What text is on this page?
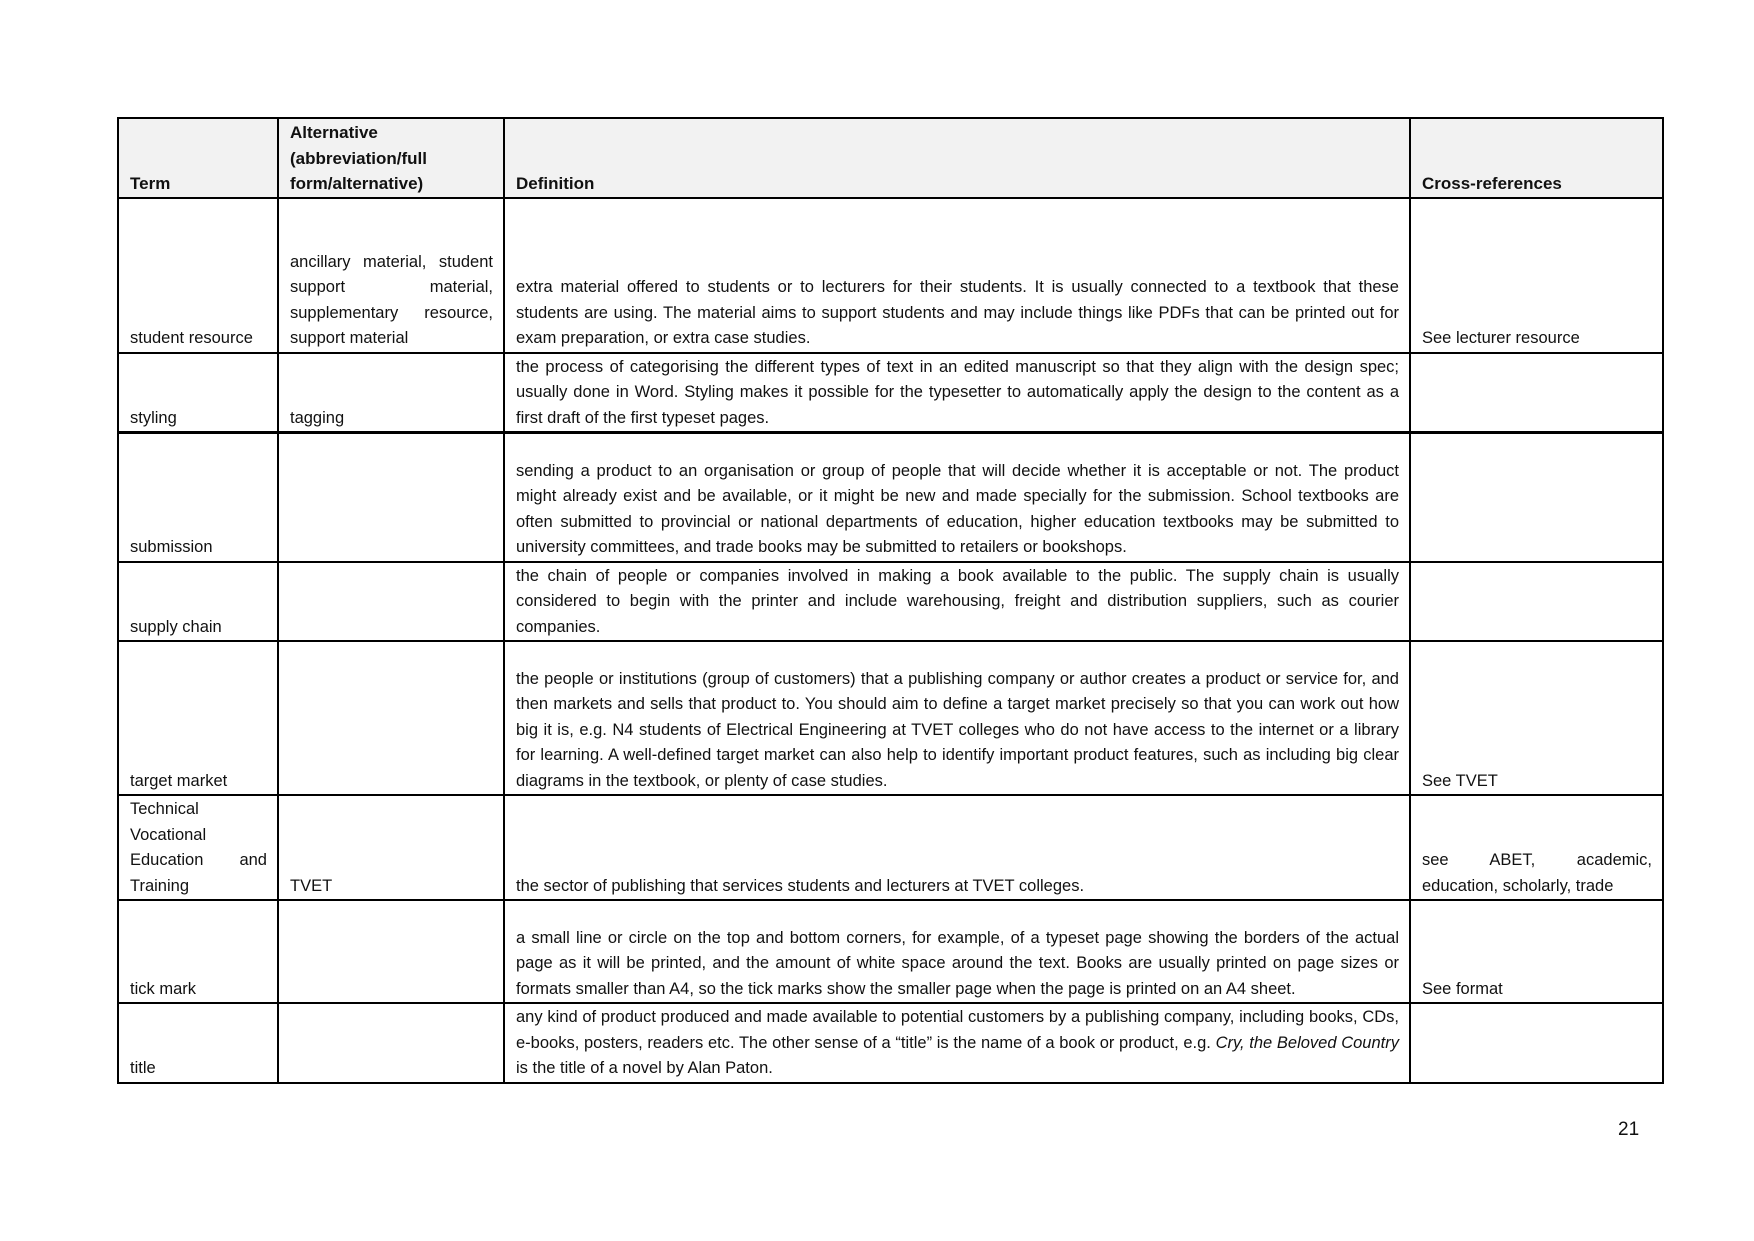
Term	Alternative (abbreviation/full form/alternative)	Definition	Cross-references
student resource	ancillary material, student support material, supplementary resource, support material	extra material offered to students or to lecturers for their students. It is usually connected to a textbook that these students are using. The material aims to support students and may include things like PDFs that can be printed out for exam preparation, or extra case studies.	See lecturer resource
styling	tagging	the process of categorising the different types of text in an edited manuscript so that they align with the design spec; usually done in Word. Styling makes it possible for the typesetter to automatically apply the design to the content as a first draft of the first typeset pages.	
submission		sending a product to an organisation or group of people that will decide whether it is acceptable or not. The product might already exist and be available, or it might be new and made specially for the submission. School textbooks are often submitted to provincial or national departments of education, higher education textbooks may be submitted to university committees, and trade books may be submitted to retailers or bookshops.	
supply chain		the chain of people or companies involved in making a book available to the public. The supply chain is usually considered to begin with the printer and include warehousing, freight and distribution suppliers, such as courier companies.	
target market		the people or institutions (group of customers) that a publishing company or author creates a product or service for, and then markets and sells that product to. You should aim to define a target market precisely so that you can work out how big it is, e.g. N4 students of Electrical Engineering at TVET colleges who do not have access to the internet or a library for learning. A well-defined target market can also help to identify important product features, such as including big clear diagrams in the textbook, or plenty of case studies.	See TVET
Technical Vocational Education and Training	TVET	the sector of publishing that services students and lecturers at TVET colleges.	see ABET, academic, education, scholarly, trade
tick mark		a small line or circle on the top and bottom corners, for example, of a typeset page showing the borders of the actual page as it will be printed, and the amount of white space around the text. Books are usually printed on page sizes or formats smaller than A4, so the tick marks show the smaller page when the page is printed on an A4 sheet.	See format
title		any kind of product produced and made available to potential customers by a publishing company, including books, CDs, e-books, posters, readers etc. The other sense of a “title” is the name of a book or product, e.g. Cry, the Beloved Country is the title of a novel by Alan Paton.	
21
